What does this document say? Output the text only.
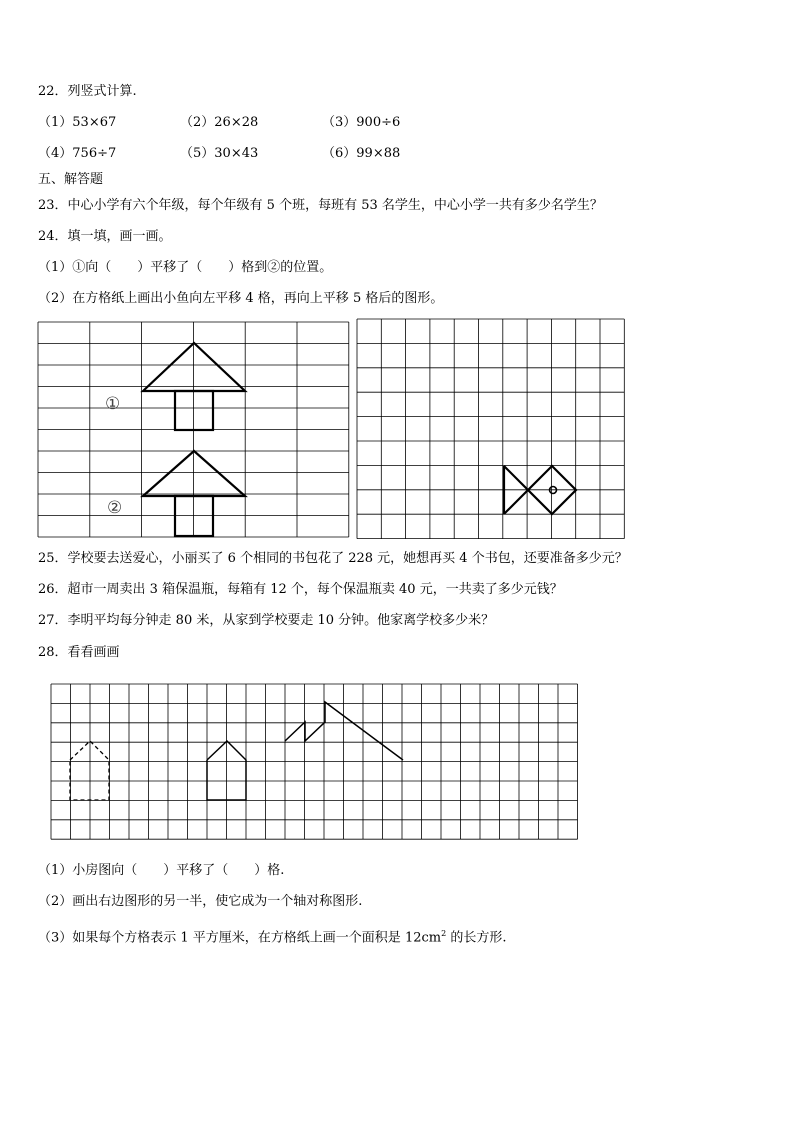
22．列竖式计算.
（1）53×67	（2）26×28	（3）900÷6
（4）756÷7	（5）30×43	（6）99×88
五、解答题
23．中心小学有六个年级，每个年级有 5 个班，每班有 53 名学生，中心小学一共有多少名学生？
24．填一填，画一画。
（1）①向（　　）平移了（　　）格到②的位置。
（2）在方格纸上画出小鱼向左平移 4 格，再向上平移 5 格后的图形。
①
②
25．学校要去送爱心，小丽买了 6 个相同的书包花了 228 元，她想再买 4 个书包，还要准备多少元？
26．超市一周卖出 3 箱保温瓶，每箱有 12 个，每个保温瓶卖 40 元，一共卖了多少元钱？
27．李明平均每分钟走 80 米，从家到学校要走 10 分钟。他家离学校多少米？
28．看看画画
（1）小房图向（　　）平移了（　　）格.
（2）画出右边图形的另一半，使它成为一个轴对称图形.
（3）如果每个方格表示 1 平方厘米，在方格纸上画一个面积是 $12cm^2$ 的长方形.
